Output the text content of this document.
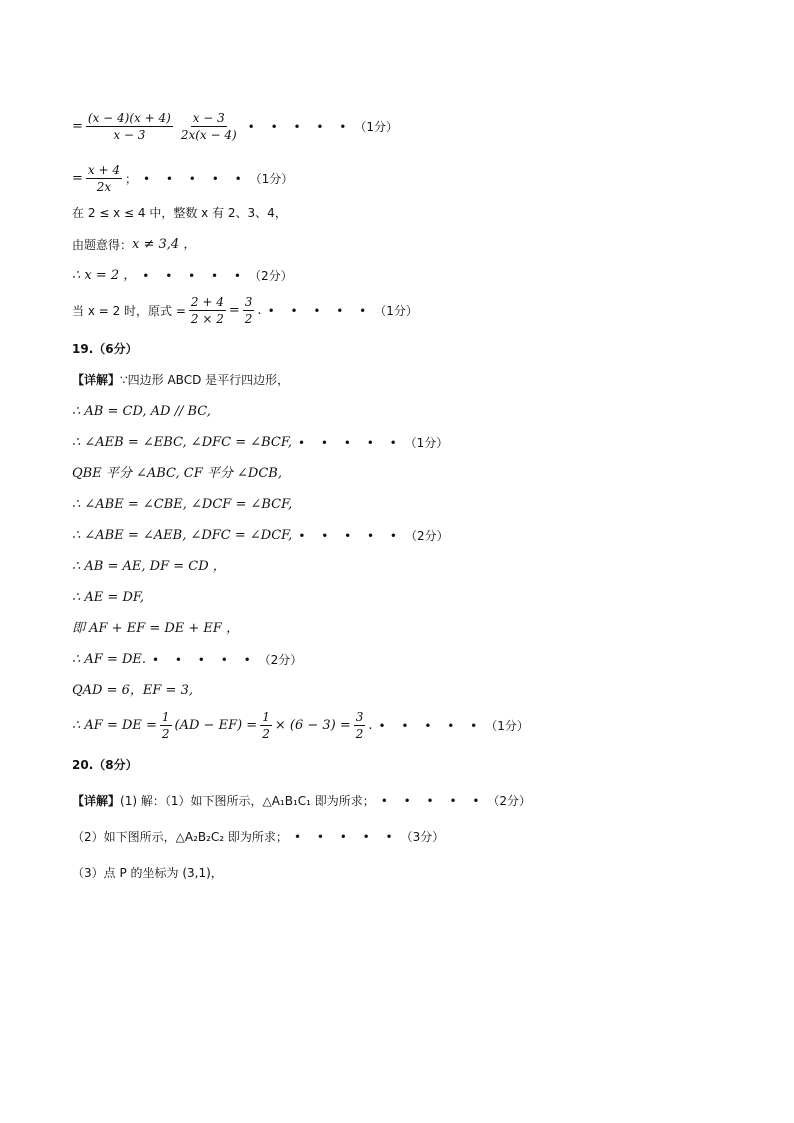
= $\frac{(x - 4)(x + 4)}{x - 3} \frac{x - 3}{2x(x - 4)}$ • • • • • （1分）
= $\frac{x + 4}{2x}$ ； • • • • • （1分）
在 2 ≤ x ≤ 4 中，整数 x 有 2、3、4，
由题意得： x ≠ 3,4 ，
∴ x = 2 ， • • • • • （2分）
当 x = 2 时，原式 = $\frac{2 + 4}{2 \times 2} = \frac{3}{2}$ . • • • • • （1分）
19.（6分）
【详解】 ∵四边形 ABCD 是平行四边形，
∴ AB = CD, AD // BC,
∴ ∠AEB = ∠EBC, ∠DFC = ∠BCF, • • • • • （1分）
QBE 平分 ∠ABC, CF 平分 ∠DCB,
∴ ∠ABE = ∠CBE, ∠DCF = ∠BCF,
∴ ∠ABE = ∠AEB, ∠DFC = ∠DCF, • • • • • （2分）
∴ AB = AE, DF = CD ，
∴ AE = DF,
即 AF + EF = DE + EF ，
∴ AF = DE. • • • • • （2分）
QAD = 6，EF = 3,
∴ AF = DE = $\frac{1}{2} (AD - EF) = \frac{1}{2} \times (6 - 3) = \frac{3}{2}$ . • • • • • （1分）
20.（8分）
【详解】 (1) 解：（1）如下图所示，△A₁B₁C₁ 即为所求； • • • • • （2分）
（2）如下图所示，△A₂B₂C₂ 即为所求； • • • • • （3分）
（3）点 P 的坐标为 (3,1)，
